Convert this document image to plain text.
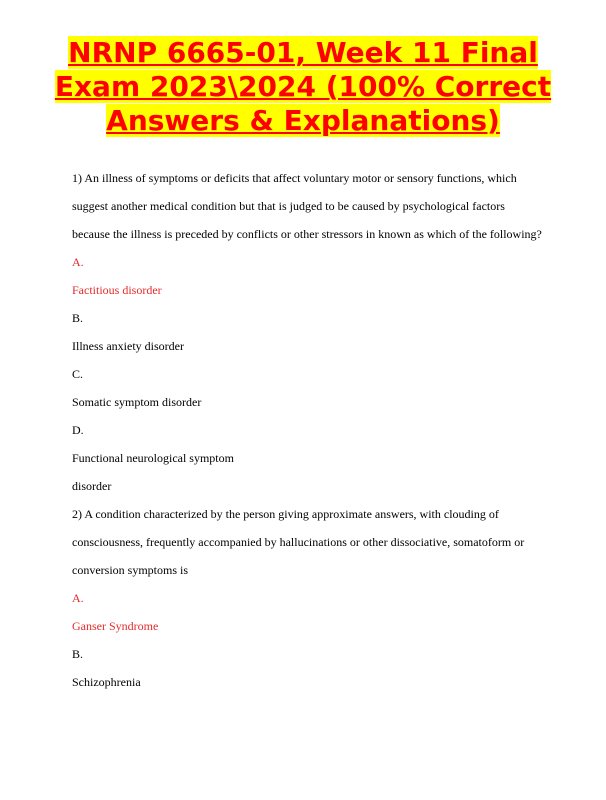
NRNP 6665-01, Week 11 Final Exam 2023\2024 (100% Correct Answers & Explanations)

1) An illness of symptoms or deficits that affect voluntary motor or sensory functions, which suggest another medical condition but that is judged to be caused by psychological factors because the illness is preceded by conflicts or other stressors in known as which of the following?

A.

Factitious disorder

B.

Illness anxiety disorder

C.

Somatic symptom disorder

D.

Functional neurological symptom

disorder

2) A condition characterized by the person giving approximate answers, with clouding of consciousness, frequently accompanied by hallucinations or other dissociative, somatoform or conversion symptoms is

A.

Ganser Syndrome

B.

Schizophrenia
